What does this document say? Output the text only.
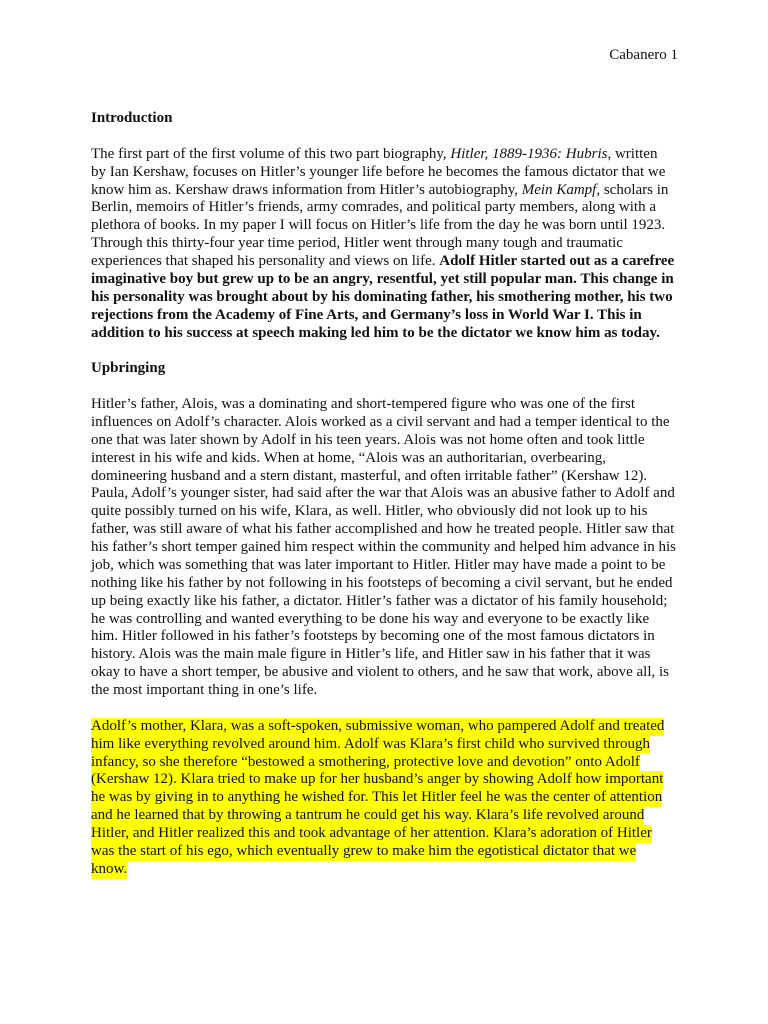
Cabanero 1
Introduction
The first part of the first volume of this two part biography, Hitler, 1889-1936: Hubris, written
by Ian Kershaw, focuses on Hitler’s younger life before he becomes the famous dictator that we
know him as. Kershaw draws information from Hitler’s autobiography, Mein Kampf, scholars in
Berlin, memoirs of Hitler’s friends, army comrades, and political party members, along with a
plethora of books. In my paper I will focus on Hitler’s life from the day he was born until 1923.
Through this thirty-four year time period, Hitler went through many tough and traumatic
experiences that shaped his personality and views on life. Adolf Hitler started out as a carefree
imaginative boy but grew up to be an angry, resentful, yet still popular man. This change in
his personality was brought about by his dominating father, his smothering mother, his two
rejections from the Academy of Fine Arts, and Germany’s loss in World War I. This in
addition to his success at speech making led him to be the dictator we know him as today.
Upbringing
Hitler’s father, Alois, was a dominating and short-tempered figure who was one of the first
influences on Adolf’s character. Alois worked as a civil servant and had a temper identical to the
one that was later shown by Adolf in his teen years. Alois was not home often and took little
interest in his wife and kids. When at home, “Alois was an authoritarian, overbearing,
domineering husband and a stern distant, masterful, and often irritable father” (Kershaw 12).
Paula, Adolf’s younger sister, had said after the war that Alois was an abusive father to Adolf and
quite possibly turned on his wife, Klara, as well. Hitler, who obviously did not look up to his
father, was still aware of what his father accomplished and how he treated people. Hitler saw that
his father’s short temper gained him respect within the community and helped him advance in his
job, which was something that was later important to Hitler. Hitler may have made a point to be
nothing like his father by not following in his footsteps of becoming a civil servant, but he ended
up being exactly like his father, a dictator. Hitler’s father was a dictator of his family household;
he was controlling and wanted everything to be done his way and everyone to be exactly like
him. Hitler followed in his father’s footsteps by becoming one of the most famous dictators in
history. Alois was the main male figure in Hitler’s life, and Hitler saw in his father that it was
okay to have a short temper, be abusive and violent to others, and he saw that work, above all, is
the most important thing in one’s life.
Adolf’s mother, Klara, was a soft-spoken, submissive woman, who pampered Adolf and treated
him like everything revolved around him. Adolf was Klara’s first child who survived through
infancy, so she therefore “bestowed a smothering, protective love and devotion” onto Adolf
(Kershaw 12). Klara tried to make up for her husband’s anger by showing Adolf how important
he was by giving in to anything he wished for. This let Hitler feel he was the center of attention
and he learned that by throwing a tantrum he could get his way. Klara’s life revolved around
Hitler, and Hitler realized this and took advantage of her attention. Klara’s adoration of Hitler
was the start of his ego, which eventually grew to make him the egotistical dictator that we
know.
